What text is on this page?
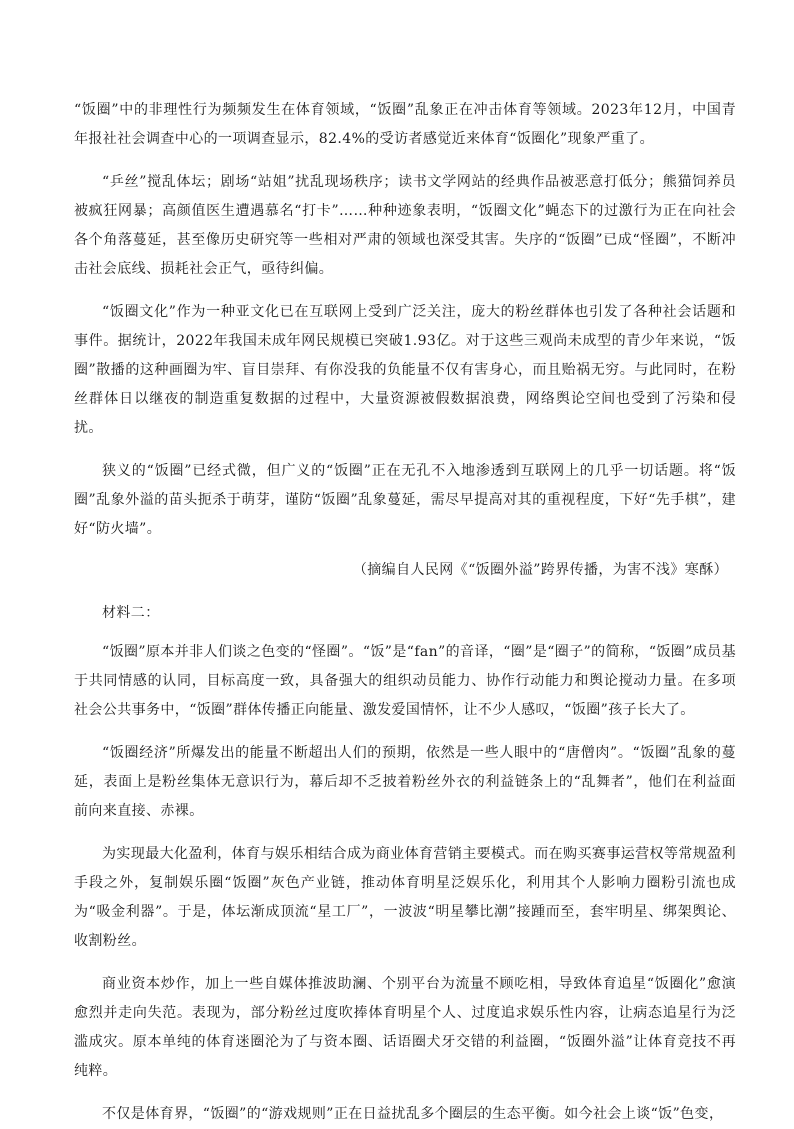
“饭圈”中的非理性行为频频发生在体育领域，“饭圈”乱象正在冲击体育等领域。2023年12月，中国青年报社社会调查中心的一项调查显示，82.4%的受访者感觉近来体育“饭圈化”现象严重了。

“乒丝”搅乱体坛；剧场“站姐”扰乱现场秩序；读书文学网站的经典作品被恶意打低分；熊猫饲养员被疯狂网暴；高颜值医生遭遇慕名“打卡”……种种迹象表明，“饭圈文化”蝇态下的过激行为正在向社会各个角落蔓延，甚至像历史研究等一些相对严肃的领域也深受其害。失序的“饭圈”已成“怪圈”，不断冲击社会底线、损耗社会正气，亟待纠偏。

“饭圈文化”作为一种亚文化已在互联网上受到广泛关注，庞大的粉丝群体也引发了各种社会话题和事件。据统计，2022年我国未成年网民规模已突破1.93亿。对于这些三观尚未成型的青少年来说，“饭圈”散播的这种画圈为牢、盲目崇拜、有你没我的负能量不仅有害身心，而且贻祸无穷。与此同时，在粉丝群体日以继夜的制造重复数据的过程中，大量资源被假数据浪费，网络舆论空间也受到了污染和侵扰。

狭义的“饭圈”已经式微，但广义的“饭圈”正在无孔不入地渗透到互联网上的几乎一切话题。将“饭圈”乱象外溢的苗头扼杀于萌芽，谨防“饭圈”乱象蔓延，需尽早提高对其的重视程度，下好“先手棋”，建好“防火墙”。

（摘编自人民网《“饭圈外溢”跨界传播，为害不浅》寒酥）

材料二：

“饭圈”原本并非人们谈之色变的“怪圈”。“饭”是“fan”的音译，“圈”是“圈子”的简称，“饭圈”成员基于共同情感的认同，目标高度一致，具备强大的组织动员能力、协作行动能力和舆论搅动力量。在多项社会公共事务中，“饭圈”群体传播正向能量、激发爱国情怀，让不少人感叹，“饭圈”孩子长大了。

“饭圈经济”所爆发出的能量不断超出人们的预期，依然是一些人眼中的“唐僧肉”。“饭圈”乱象的蔓延，表面上是粉丝集体无意识行为，幕后却不乏披着粉丝外衣的利益链条上的“乱舞者”，他们在利益面前向来直接、赤裸。

为实现最大化盈利，体育与娱乐相结合成为商业体育营销主要模式。而在购买赛事运营权等常规盈利手段之外，复制娱乐圈“饭圈”灰色产业链，推动体育明星泛娱乐化，利用其个人影响力圈粉引流也成为“吸金利器”。于是，体坛渐成顶流“星工厂”，一波波“明星攀比潮”接踵而至，套牢明星、绑架舆论、收割粉丝。

商业资本炒作，加上一些自媒体推波助澜、个别平台为流量不顾吃相，导致体育追星“饭圈化”愈演愈烈并走向失范。表现为，部分粉丝过度吹捧体育明星个人、过度追求娱乐性内容，让病态追星行为泛滥成灾。原本单纯的体育迷圈沦为了与资本圈、话语圈犬牙交错的利益圈，“饭圈外溢”让体育竞技不再纯粹。

不仅是体育界，“饭圈”的“游戏规则”正在日益扰乱多个圈层的生态平衡。如今社会上谈“饭”色变，
